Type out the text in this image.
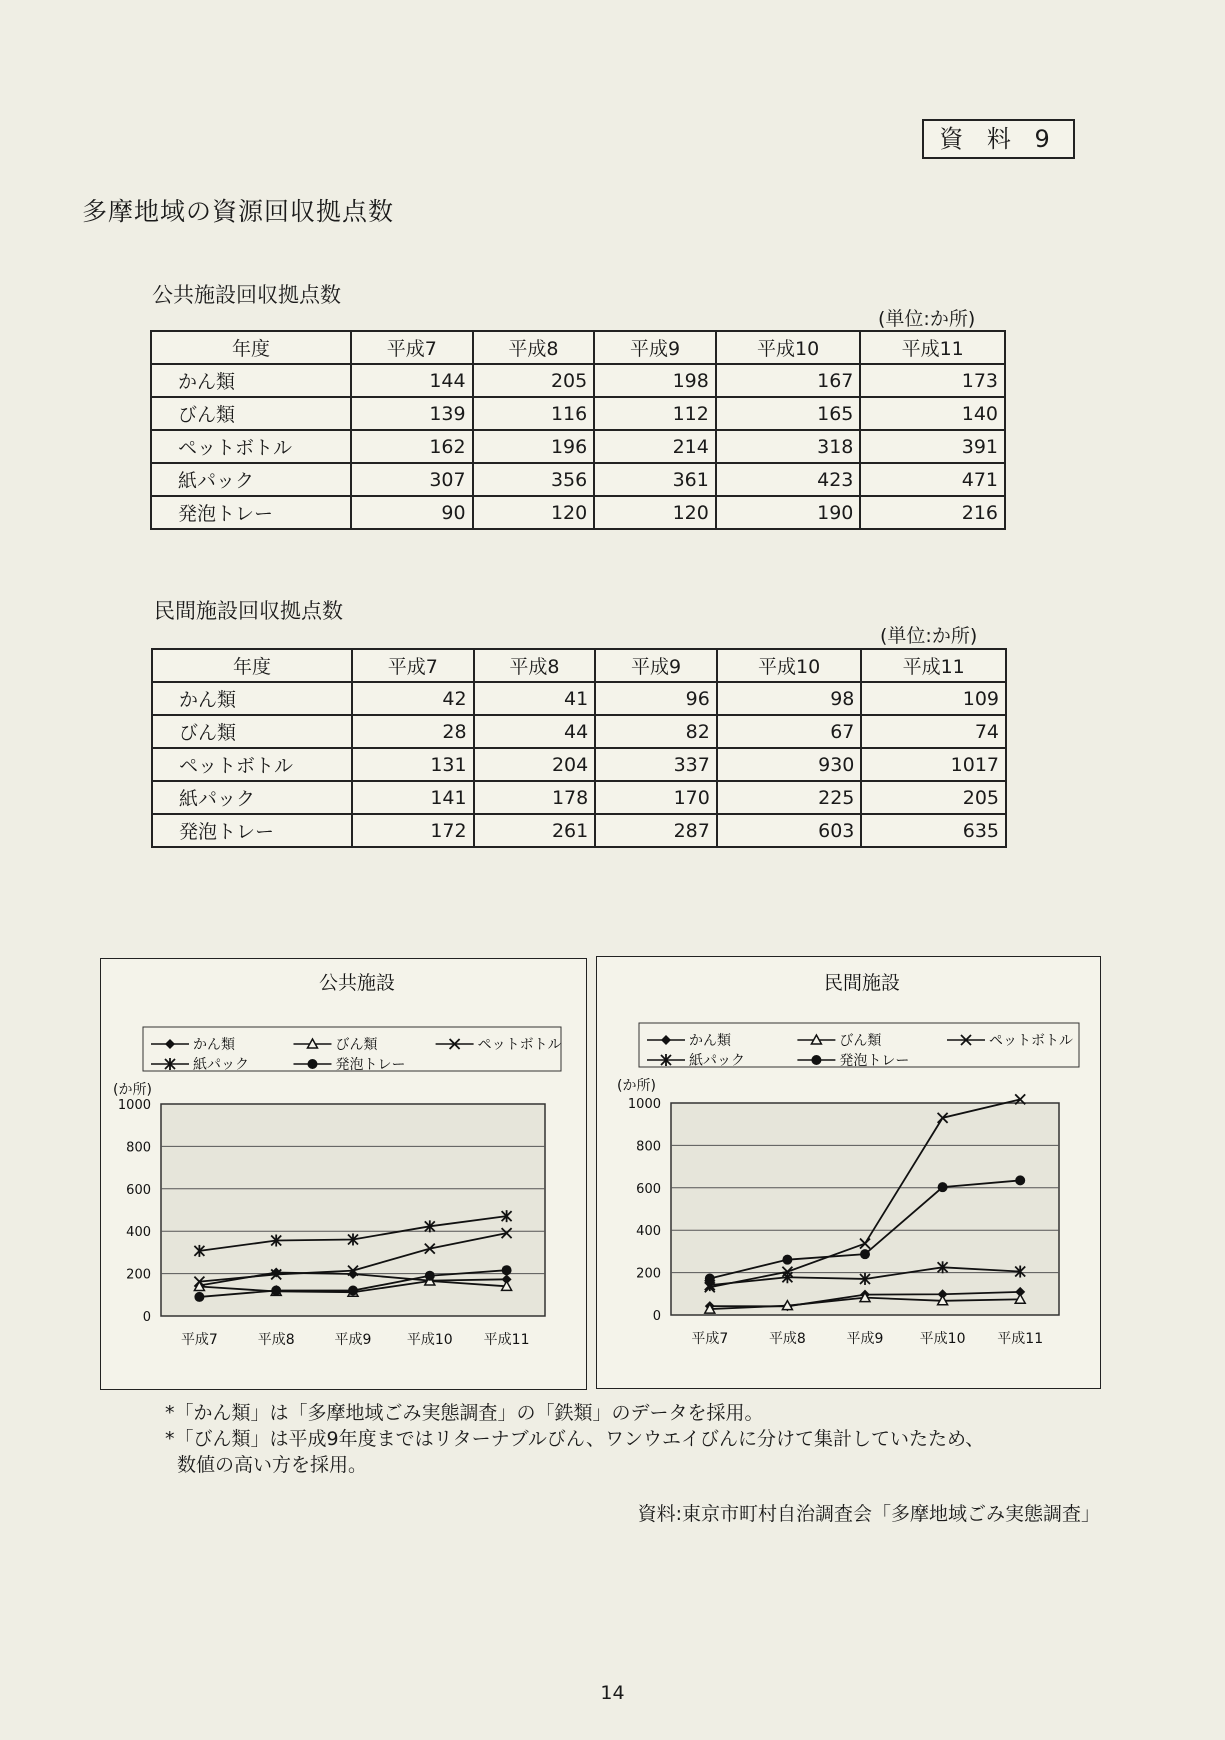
資 料 9
多摩地域の資源回収拠点数
公共施設回収拠点数
(単位:か所)
年度	平成7	平成8	平成9	平成10	平成11
かん類	144	205	198	167	173
びん類	139	116	112	165	140
ペットボトル	162	196	214	318	391
紙パック	307	356	361	423	471
発泡トレー	90	120	120	190	216
民間施設回収拠点数
(単位:か所)
年度	平成7	平成8	平成9	平成10	平成11
かん類	42	41	96	98	109
びん類	28	44	82	67	74
ペットボトル	131	204	337	930	1017
紙パック	141	178	170	225	205
発泡トレー	172	261	287	603	635
公共施設
かん類	びん類	ペットボトル
紙パック	発泡トレー
(か所)
0
200
400
600
800
1000
平成7	平成8	平成9	平成10 平成11
民間施設
かん類	びん類	ペットボトル
紙パック	発泡トレー
(か所)
0
200
400
600
800
1000
平成7	平成8	平成9	平成10 平成11
*「かん類」は「多摩地域ごみ実態調査」の「鉄類」のデータを採用。
*「びん類」は平成9年度まではリターナブルびん、ワンウエイびんに分けて集計していたため、
数値の高い方を採用。
資料:東京市町村自治調査会「多摩地域ごみ実態調査」
14
